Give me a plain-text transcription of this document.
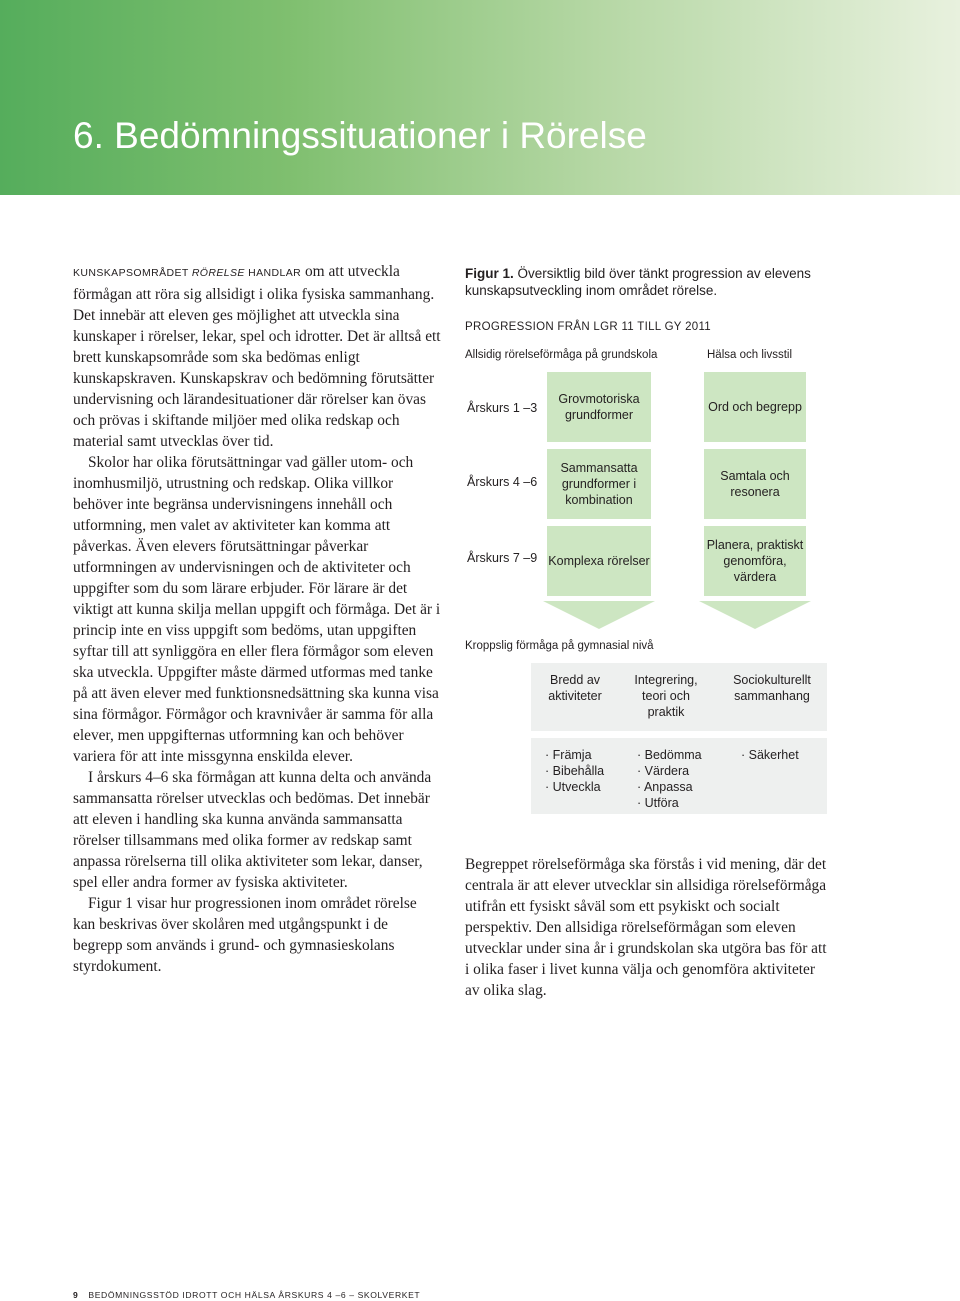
6. Bedömningssituationer i Rörelse

KUNSKAPSOMRÅDET RÖRELSE HANDLAR om att utveckla förmågan att röra sig allsidigt i olika fysiska sammanhang. Det innebär att eleven ges möjlighet att utveckla sina kunskaper i rörelser, lekar, spel och idrotter. Det är alltså ett brett kunskapsområde som ska bedömas enligt kunskapskraven. Kunskapskrav och bedömning förutsätter undervisning och lärandesituationer där rörelser kan övas och prövas i skiftande miljöer med olika redskap och material samt utvecklas över tid.

Skolor har olika förutsättningar vad gäller utom- och inomhusmiljö, utrustning och redskap. Olika villkor behöver inte begränsa undervisningens innehåll och utformning, men valet av aktiviteter kan komma att påverkas. Även elevers förutsättningar påverkar utformningen av undervisningen och de aktiviteter och uppgifter som du som lärare erbjuder. För lärare är det viktigt att kunna skilja mellan uppgift och förmåga. Det är i princip inte en viss uppgift som bedöms, utan uppgiften syftar till att synliggöra en eller flera förmågor som eleven ska utveckla. Uppgifter måste därmed utformas med tanke på att även elever med funktionsnedsättning ska kunna visa sina förmågor. Förmågor och kravnivåer är samma för alla elever, men uppgifternas utformning kan och behöver variera för att inte missgynna enskilda elever.

I årskurs 4–6 ska förmågan att kunna delta och använda sammansatta rörelser utvecklas och bedömas. Det innebär att eleven i handling ska kunna använda sammansatta rörelser tillsammans med olika former av redskap samt anpassa rörelserna till olika aktiviteter som lekar, danser, spel eller andra former av fysiska aktiviteter.

Figur 1 visar hur progressionen inom området rörelse kan beskrivas över skolåren med utgångspunkt i de begrepp som används i grund- och gymnasieskolans styrdokument.

Figur 1. Översiktlig bild över tänkt progression av elevens kunskapsutveckling inom området rörelse.
PROGRESSION FRÅN LGR 11 TILL GY 2011
Allsidig rörelseförmåga på grundskola	Hälsa och livsstil
Årskurs 1 –3
Grovmotoriska grundformer
Ord och begrepp
Årskurs 4 –6
Sammansatta grundformer i kombination
Samtala och resonera
Årskurs 7 –9 Komplexa rörelser
Planera, praktiskt genomföra, värdera
Kroppslig förmåga på gymnasial nivå
Bredd av aktiviteter
Integrering, teori och praktik
Sociokulturellt sammanhang
· Främja
· Bibehålla
· Utveckla
· Bedömma
· Värdera
· Anpassa
· Utföra
· Säkerhet
Begreppet rörelseförmåga ska förstås i vid mening, där det centrala är att elever utvecklar sin allsidiga rörelseförmåga utifrån ett fysiskt såväl som ett psykiskt och socialt perspektiv. Den allsidiga rörelseförmågan som eleven utvecklar under sina år i grundskolan ska utgöra bas för att i olika faser i livet kunna välja och genomföra aktiviteter av olika slag.
9 BEDÖMNINGSSTÖD IDROTT OCH HÄLSA ÅRSKURS 4 –6 – SKOLVERKET
